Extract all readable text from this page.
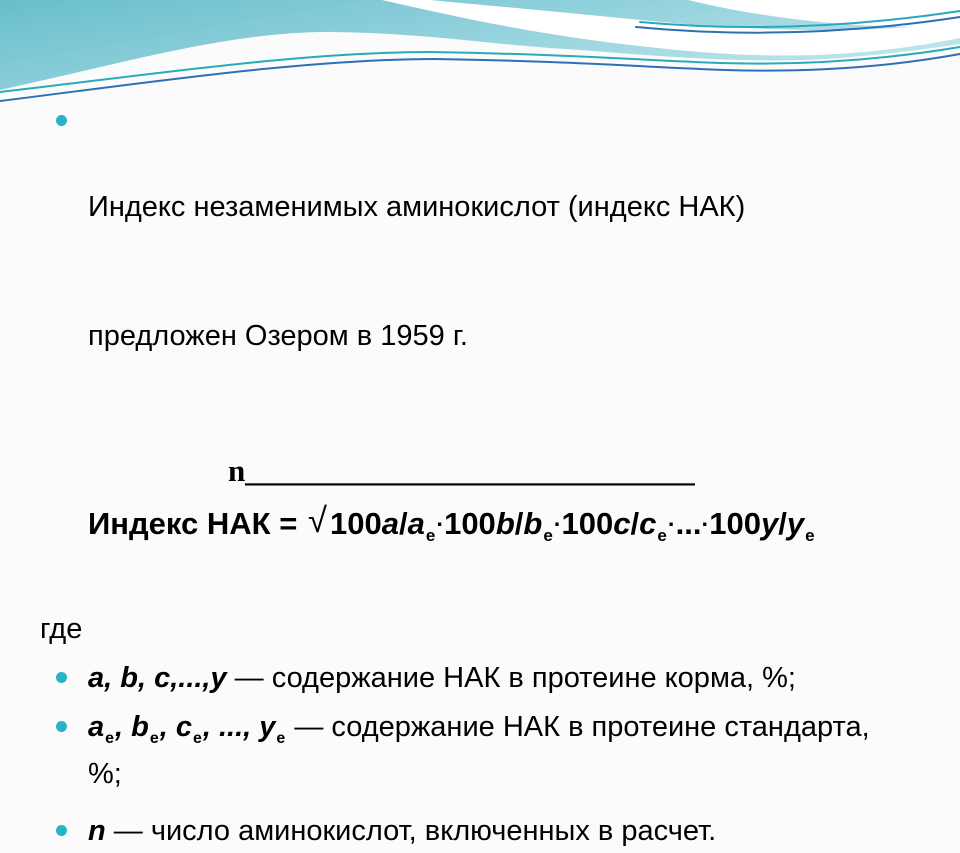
Индекс незаменимых аминокислот (индекс НАК)

предложен Озером в 1959 г.

n_____________________________
Индекс НАК = $√100a/a_e\cdot 100b/b_e\cdot 100c/c_e\cdot...\cdot 100y/y_e$
где
a, b, c,...,y — содержание НАК в протеине корма, %;
$a_e$, $b_e$, $c_e$, ..., $y_e$ — содержание НАК в протеине стандарта, %;
n — число аминокислот, включенных в расчет.
